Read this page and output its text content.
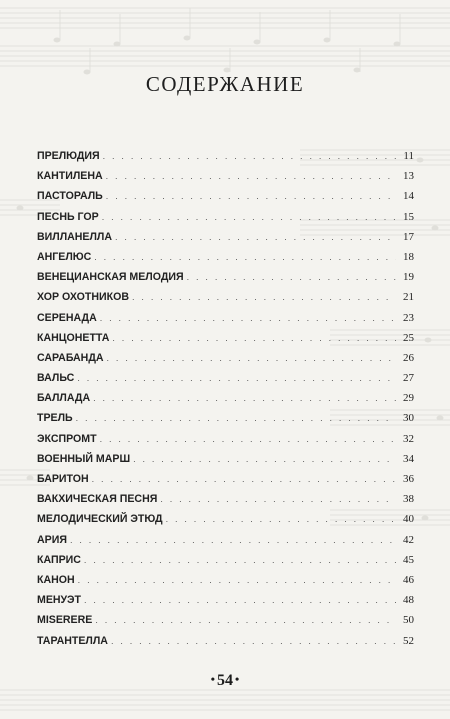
СОДЕРЖАНИЕ
ПРЕЛЮДИЯ . . .	11
КАНТИЛЕНА . . .	13
ПАСТОРАЛЬ . . .	14
ПЕСНЬ ГОР . . .	15
ВИЛЛАНЕЛЛА . . .	17
АНГЕЛЮС . . .	18
ВЕНЕЦИАНСКАЯ МЕЛОДИЯ . . .	19
ХОР ОХОТНИКОВ . . .	21
СЕРЕНАДА . . .	23
КАНЦОНЕТТА . . .	25
САРАБАНДА . . .	26
ВАЛЬС . . .	27
БАЛЛАДА . . .	29
ТРЕЛЬ . . .	30
ЭКСПРОМТ . . .	32
ВОЕННЫЙ МАРШ . . .	34
БАРИТОН . . .	36
ВАКХИЧЕСКАЯ ПЕСНЯ . . .	38
МЕЛОДИЧЕСКИЙ ЭТЮД . . .	40
АРИЯ . . .	42
КАПРИС . . .	45
КАНОН . . .	46
МЕНУЭТ . . .	48
MISERERE . . .	50
ТАРАНТЕЛЛА . . .	52
• 54 •
